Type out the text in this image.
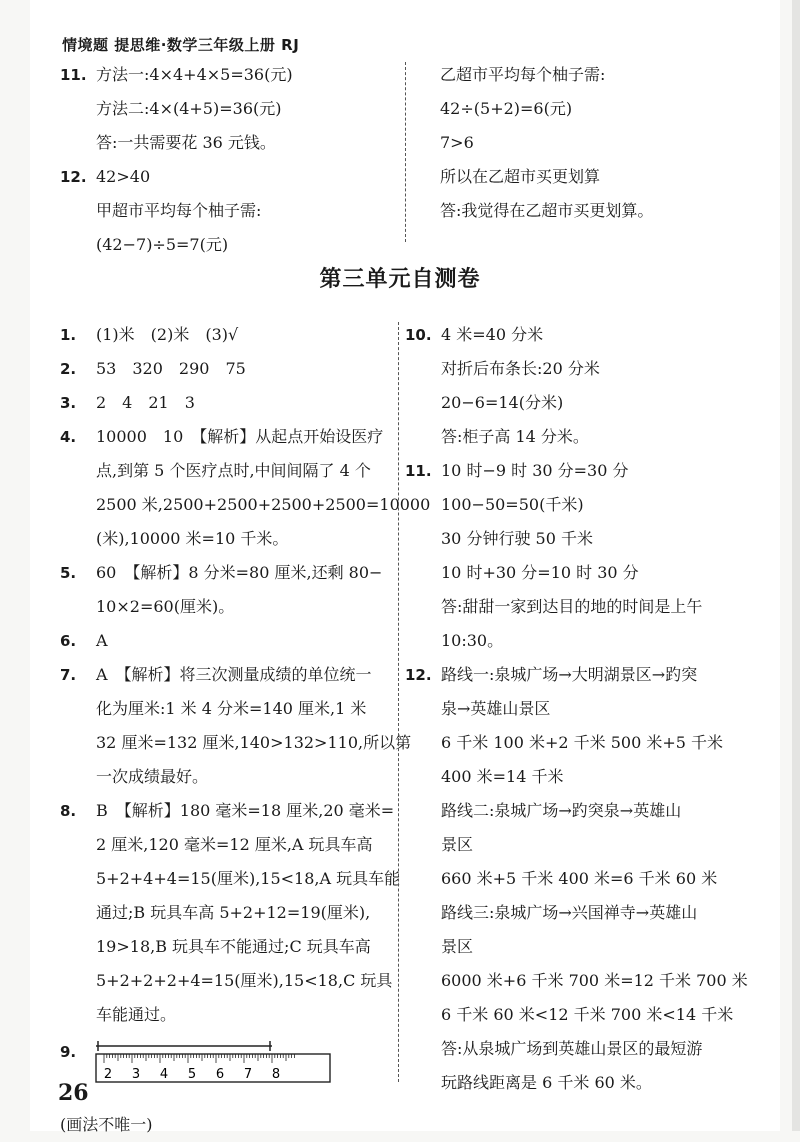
情境题 提思维·数学三年级上册 RJ
11. 方法一:4×4+4×5=36(元)
方法二:4×(4+5)=36(元)
答:一共需要花 36 元钱。
12. 42>40
甲超市平均每个柚子需:
(42−7)÷5=7(元)
乙超市平均每个柚子需:
42÷(5+2)=6(元)
7>6
所以在乙超市买更划算
答:我觉得在乙超市买更划算。
第三单元自测卷
1. (1)米　(2)米　(3)√
2. 53　320　290　75
3. 2　4　21　3
4. 10000　10　【解析】从起点开始设医疗
点,到第 5 个医疗点时,中间间隔了 4 个
2500 米,2500+2500+2500+2500=10000
(米),10000 米=10 千米。
5. 60　【解析】8 分米=80 厘米,还剩 80−
10×2=60(厘米)。
6. A
7. A　【解析】将三次测量成绩的单位统一
化为厘米:1 米 4 分米=140 厘米,1 米
32 厘米=132 厘米,140>132>110,所以第
一次成绩最好。
8. B　【解析】180 毫米=18 厘米,20 毫米=
2 厘米,120 毫米=12 厘米,A 玩具车高
5+2+4+4=15(厘米),15<18,A 玩具车能
通过;B 玩具车高 5+2+12=19(厘米),
19>18,B 玩具车不能通过;C 玩具车高
5+2+2+2+4=15(厘米),15<18,C 玩具
车能通过。
9.
2 3 4 5 6 7 8
(画法不唯一)
10. 4 米=40 分米
对折后布条长:20 分米
20−6=14(分米)
答:柜子高 14 分米。
11. 10 时−9 时 30 分=30 分
100−50=50(千米)
30 分钟行驶 50 千米
10 时+30 分=10 时 30 分
答:甜甜一家到达目的地的时间是上午
10:30。
12. 路线一:泉城广场→大明湖景区→趵突
泉→英雄山景区
6 千米 100 米+2 千米 500 米+5 千米
400 米=14 千米
路线二:泉城广场→趵突泉→英雄山
景区
660 米+5 千米 400 米=6 千米 60 米
路线三:泉城广场→兴国禅寺→英雄山
景区
6000 米+6 千米 700 米=12 千米 700 米
6 千米 60 米<12 千米 700 米<14 千米
答:从泉城广场到英雄山景区的最短游
玩路线距离是 6 千米 60 米。
26
